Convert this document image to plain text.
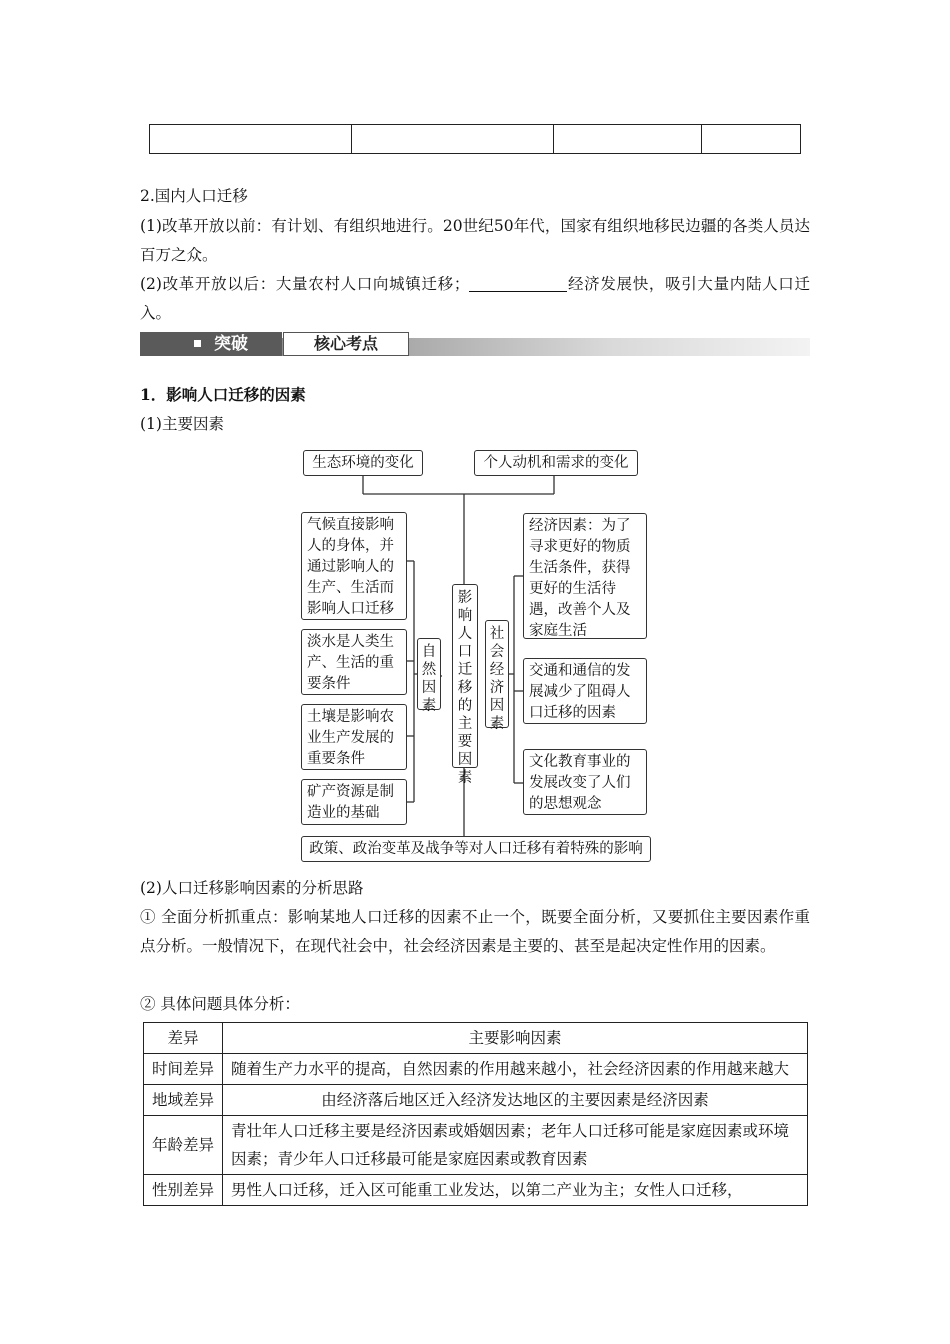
2.国内人口迁移

(1)改革开放以前：有计划、有组织地进行。20世纪50年代，国家有组织地移民边疆的各类人员达百万之众。

(2)改革开放以后：大量农村人口向城镇迁移；	经济发展快，吸引大量内陆人口迁入。

突破	核心考点

1．影响人口迁移的因素

(1)主要因素

生态环境的变化	个人动机和需求的变化
气候直接影响人的身体，并通过影响人的生产、生活而影响人口迁移
淡水是人类生产、生活的重要条件
土壤是影响农业生产发展的重要条件
矿产资源是制造业的基础
自然因素
影响人口迁移的主要因素
社会经济因素
经济因素：为了寻求更好的物质生活条件，获得更好的生活待遇，改善个人及家庭生活
交通和通信的发展减少了阻碍人口迁移的因素
文化教育事业的发展改变了人们的思想观念
政策、政治变革及战争等对人口迁移有着特殊的影响

(2)人口迁移影响因素的分析思路

① 全面分析抓重点：影响某地人口迁移的因素不止一个，既要全面分析，又要抓住主要因素作重点分析。一般情况下，在现代社会中，社会经济因素是主要的、甚至是起决定性作用的因素。

② 具体问题具体分析：

差异	主要影响因素
时间差异	随着生产力水平的提高，自然因素的作用越来越小，社会经济因素的作用越来越大
地域差异	由经济落后地区迁入经济发达地区的主要因素是经济因素
年龄差异	青壮年人口迁移主要是经济因素或婚姻因素；老年人口迁移可能是家庭因素或环境因素；青少年人口迁移最可能是家庭因素或教育因素
性别差异	男性人口迁移，迁入区可能重工业发达，以第二产业为主；女性人口迁移，
